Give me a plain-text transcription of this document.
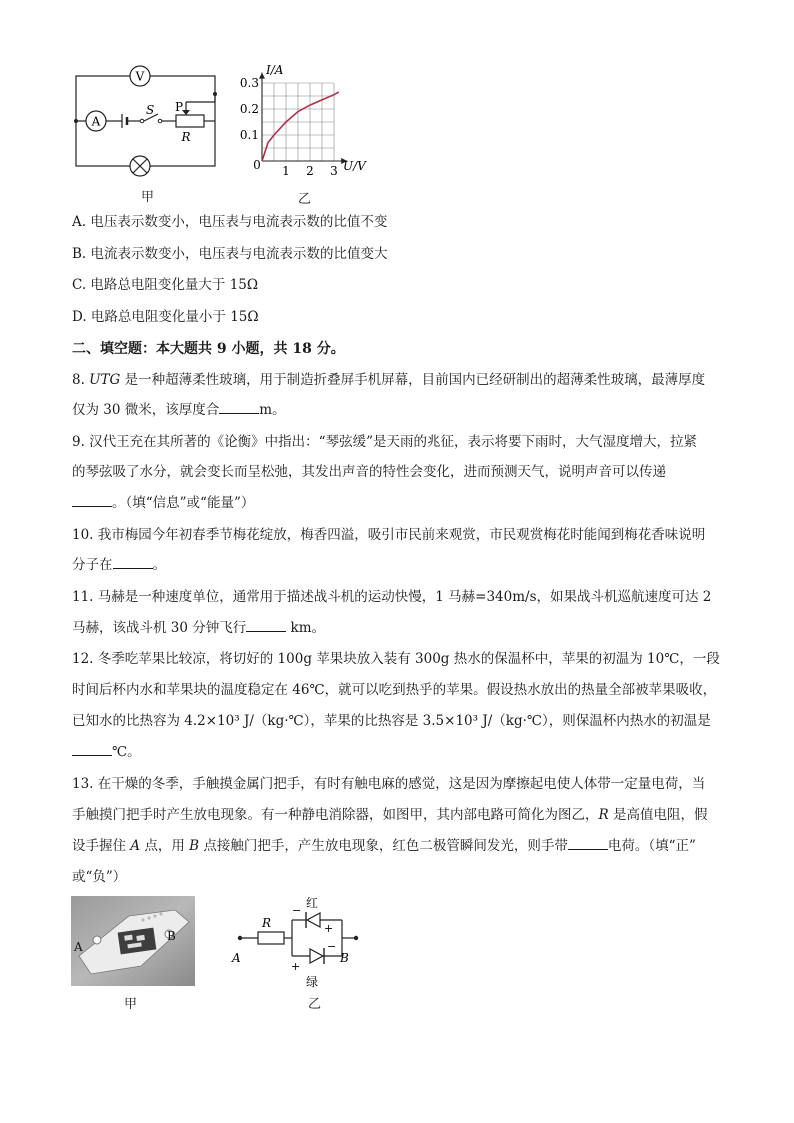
V
A
S P
R
甲
1 2 3
0.1
0.2
0.3
I/A
U/V
0
乙
A. 电压表示数变小，电压表与电流表示数的比值不变
B. 电流表示数变小，电压表与电流表示数的比值变大
C. 电路总电阻变化量大于 15Ω
D. 电路总电阻变化量小于 15Ω
二、填空题：本大题共 9 小题，共 18 分。
8. UTG 是一种超薄柔性玻璃，用于制造折叠屏手机屏幕，目前国内已经研制出的超薄柔性玻璃，最薄厚度
仅为 30 微米，该厚度合	m。
9. 汉代王充在其所著的《论衡》中指出：“琴弦缓”是天雨的兆征，表示将要下雨时，大气湿度增大，拉紧
的琴弦吸了水分，就会变长而呈松弛，其发出声音的特性会变化，进而预测天气，说明声音可以传递
。（填“信息”或“能量”）
10. 我市梅园今年初春季节梅花绽放，梅香四溢，吸引市民前来观赏，市民观赏梅花时能闻到梅花香味说明
分子在	。
11. 马赫是一种速度单位，通常用于描述战斗机的运动快慢，1 马赫=340m/s，如果战斗机巡航速度可达 2
马赫，该战斗机 30 分钟飞行	km。
12. 冬季吃苹果比较凉，将切好的 100g 苹果块放入装有 300g 热水的保温杯中，苹果的初温为 10℃，一段
时间后杯内水和苹果块的温度稳定在 46℃，就可以吃到热乎的苹果。假设热水放出的热量全部被苹果吸收，
已知水的比热容为 4.2×10³ J/（kg·℃），苹果的比热容是 3.5×10³ J/（kg·℃），则保温杯内热水的初温是
℃。
13. 在干燥的冬季，手触摸金属门把手，有时有触电麻的感觉，这是因为摩擦起电使人体带一定量电荷，当
手触摸门把手时产生放电现象。有一种静电消除器，如图甲，其内部电路可简化为图乙，R 是高值电阻，假
设手握住 A 点，用 B 点接触门把手，产生放电现象，红色二极管瞬间发光，则手带	电荷。（填“正”
或“负”）
A
B
甲
R
A	B
红
绿
−
+
+
−
乙
